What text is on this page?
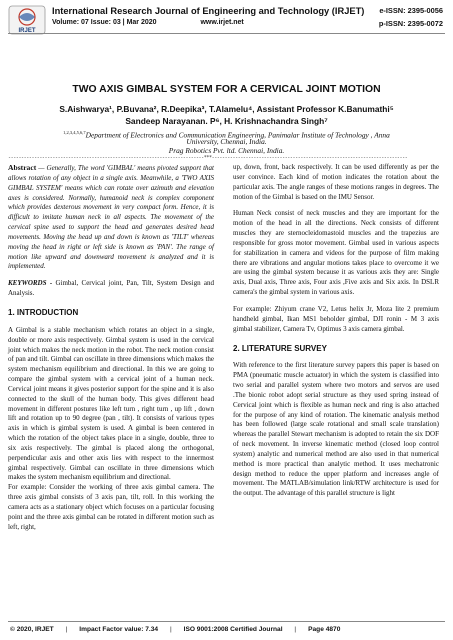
IRJET
International Research Journal of Engineering and Technology (IRJET)
Volume: 07 Issue: 03 | Mar 2020	www.irjet.net
e-ISSN: 2395-0056
p-ISSN: 2395-0072
TWO AXIS GIMBAL SYSTEM FOR A CERVICAL JOINT MOTION
S.Aishwarya¹, P.Buvana², R.Deepika³, T.Alamelu⁴, Assistant Professor K.Banumathi⁵
Sandeep Narayanan. P⁶, H. Krishnachandra Singh⁷
$^{1,2,3,4,5,6,7}$Department of Electronics and Communication Engineering, Panimalar Institute of Technology , Anna
University, Chennai, India.
Prag Robotics Pvt. ltd. Chennai, India.
---------------------------------------------------------------------------***---------------------------------------------------------------------------

Abstract — Generally, The word 'GIMBAL' means pivoted support that allows rotation of any object in a single axis. Meanwhile, a 'TWO AXIS GIMBAL SYSTEM' means which can rotate over azimuth and elevation axes is considered. Normally, humanoid neck is complex component which provides dexterous movement in very compact form. Hence, it is difficult to imitate human neck in all aspects. The movement of the cervical spine used to support the head and generates desired head movements. Moving the head up and down is known as 'TILT' whereas moving the head in right or left side is known as 'PAN'. The range of motion like upward and downward movement is analyzed and it is implemented.

KEYWORDS - Gimbal, Cervical joint, Pan, Tilt, System Design and Analysis.

1. INTRODUCTION

A Gimbal is a stable mechanism which rotates an object in a single, double or more axis respectively. Gimbal system is used in the cervical joint which makes the neck motion in the robot. The neck motion consist of pan and tilt. Gimbal can oscillate in three dimensions which makes the system mechanism equilibrium and directional. In this we are going to compare the gimbal system with a cervical joint of a human neck. Cervical joint means it gives posterior support for the spine and it is also connected to the skull of the human body. This gives different head movement in different postures like left turn , right turn , up lift , down lift and rotation up to 90 degree (pan , tilt). It consists of various types axis in which is gimbal system is used. A gimbal is been centered in which the rotation of the object takes place in a single, double, three to six axis respectively. The gimbal is placed along the orthogonal, perpendicular axis and other axis lies with respect to the innermost gimbal respectively. Gimbal can oscillate in three dimensions which makes the system mechanism equilibrium and directional.

For example: Consider the working of three axis gimbal camera. The three axis gimbal consists of 3 axis pan, tilt, roll. In this working the camera acts as a stationary object which focuses on a particular focusing point and the three axis gimbal can be rotated in different motion such as left, right,

up, down, front, back respectively. It can be used differently as per the user convince. Each kind of motion indicates the rotation about the particular axis. The angle ranges of these motions ranges in degrees. The motion of the Gimbal is based on the IMU Sensor.

Human Neck consist of neck muscles and they are important for the motion of the head in all the directions. Neck consists of different muscles they are sternocleidomastoid muscles and the trapezius are responsible for gross motor movement. Gimbal used in various aspects for stabilization in camera and videos for the purpose of film making there are vibrations and angular motions takes place to overcome it we are using the gimbal system because it as various axis they are: Single axis, Dual axis, Three axis, Four axis ,Five axis and Six axis. In DSLR camera's the gimbal system in various axis.

For example: Zhiyum crane V2, Letus helix Jr, Moza lite 2 premium handheld gimbal, Ikan MS1 beholder gimbal, DJI ronin - M 3 axis gimbal stabilizer, Camera Tv, Optimus 3 axis camera gimbal.

2. LITERATURE SURVEY

With reference to the first literature survey papers this paper is based on PMA (pneumatic muscle actuator) in which the system is classified into two serial and parallel system where two motors and servos are used .The bionic robot adopt serial structure as they used spring instead of Cervical joint which is flexible as human neck and ring is also attached for the purpose of any kind of rotation. The kinematic analysis method has been followed (large scale rotational and small scale translation) whereas the parallel Stewart mechanism is adopted to retain the six DOF of neck movement. In inverse kinematic method (closed loop control system) analytic and numerical method are also used in that numerical method is more practical than analytic method. It uses mechatronic design method to reduce the upper platform and increases angle of movement. The MATLAB/simulation link/RTW architecture is used for the output. The advantage of this parallel structure is light

© 2020, IRJET | Impact Factor value: 7.34 | ISO 9001:2008 Certified Journal | Page 4870
